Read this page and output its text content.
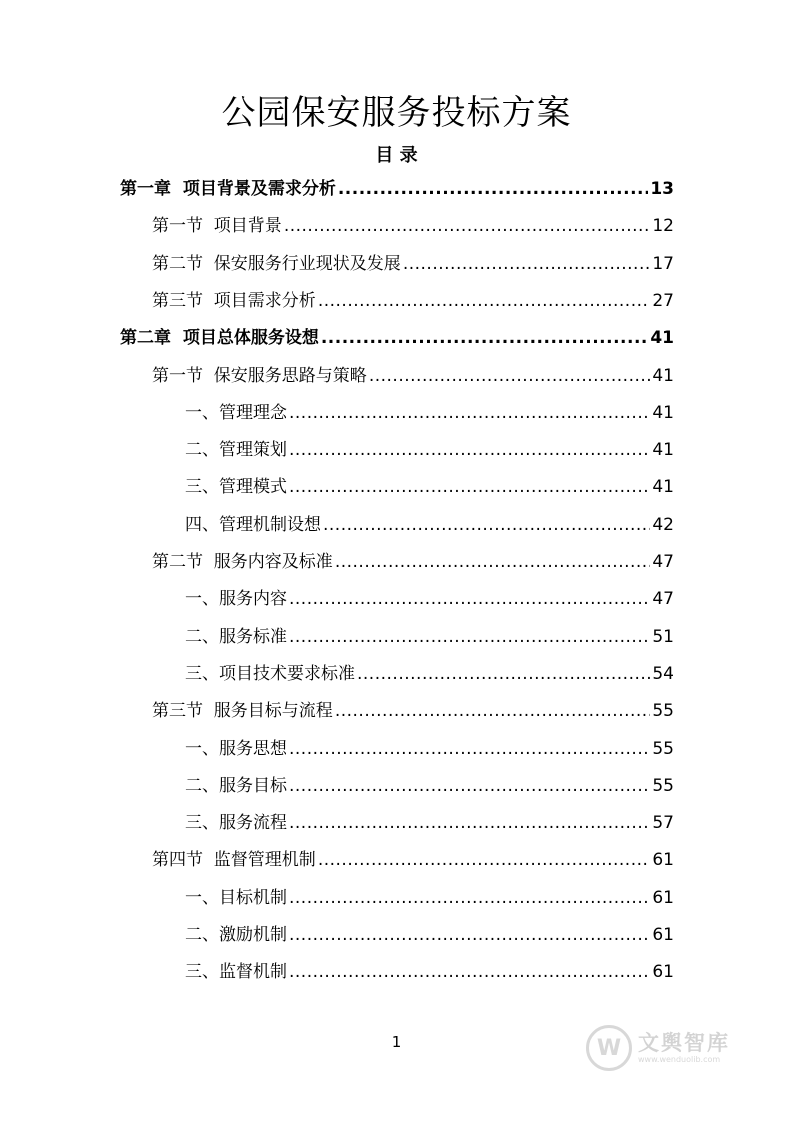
公园保安服务投标方案
目 录
第一章  项目背景及需求分析 .....	13
第一节  项目背景 .....	12
第二节  保安服务行业现状及发展 .....	17
第三节  项目需求分析 .....	27
第二章  项目总体服务设想 .....	41
第一节  保安服务思路与策略 .....	41
一、管理理念 .....	41
二、管理策划 .....	41
三、管理模式 .....	41
四、管理机制设想 .....	42
第二节  服务内容及标准 .....	47
一、服务内容 .....	47
二、服务标准 .....	51
三、项目技术要求标准 .....	54
第三节  服务目标与流程 .....	55
一、服务思想 .....	55
二、服务目标 .....	55
三、服务流程 .....	57
第四节  监督管理机制 .....	61
一、目标机制 .....	61
二、激励机制 .....	61
三、监督机制 .....	61
1	W 文舆智库
www.wenduolib.com
